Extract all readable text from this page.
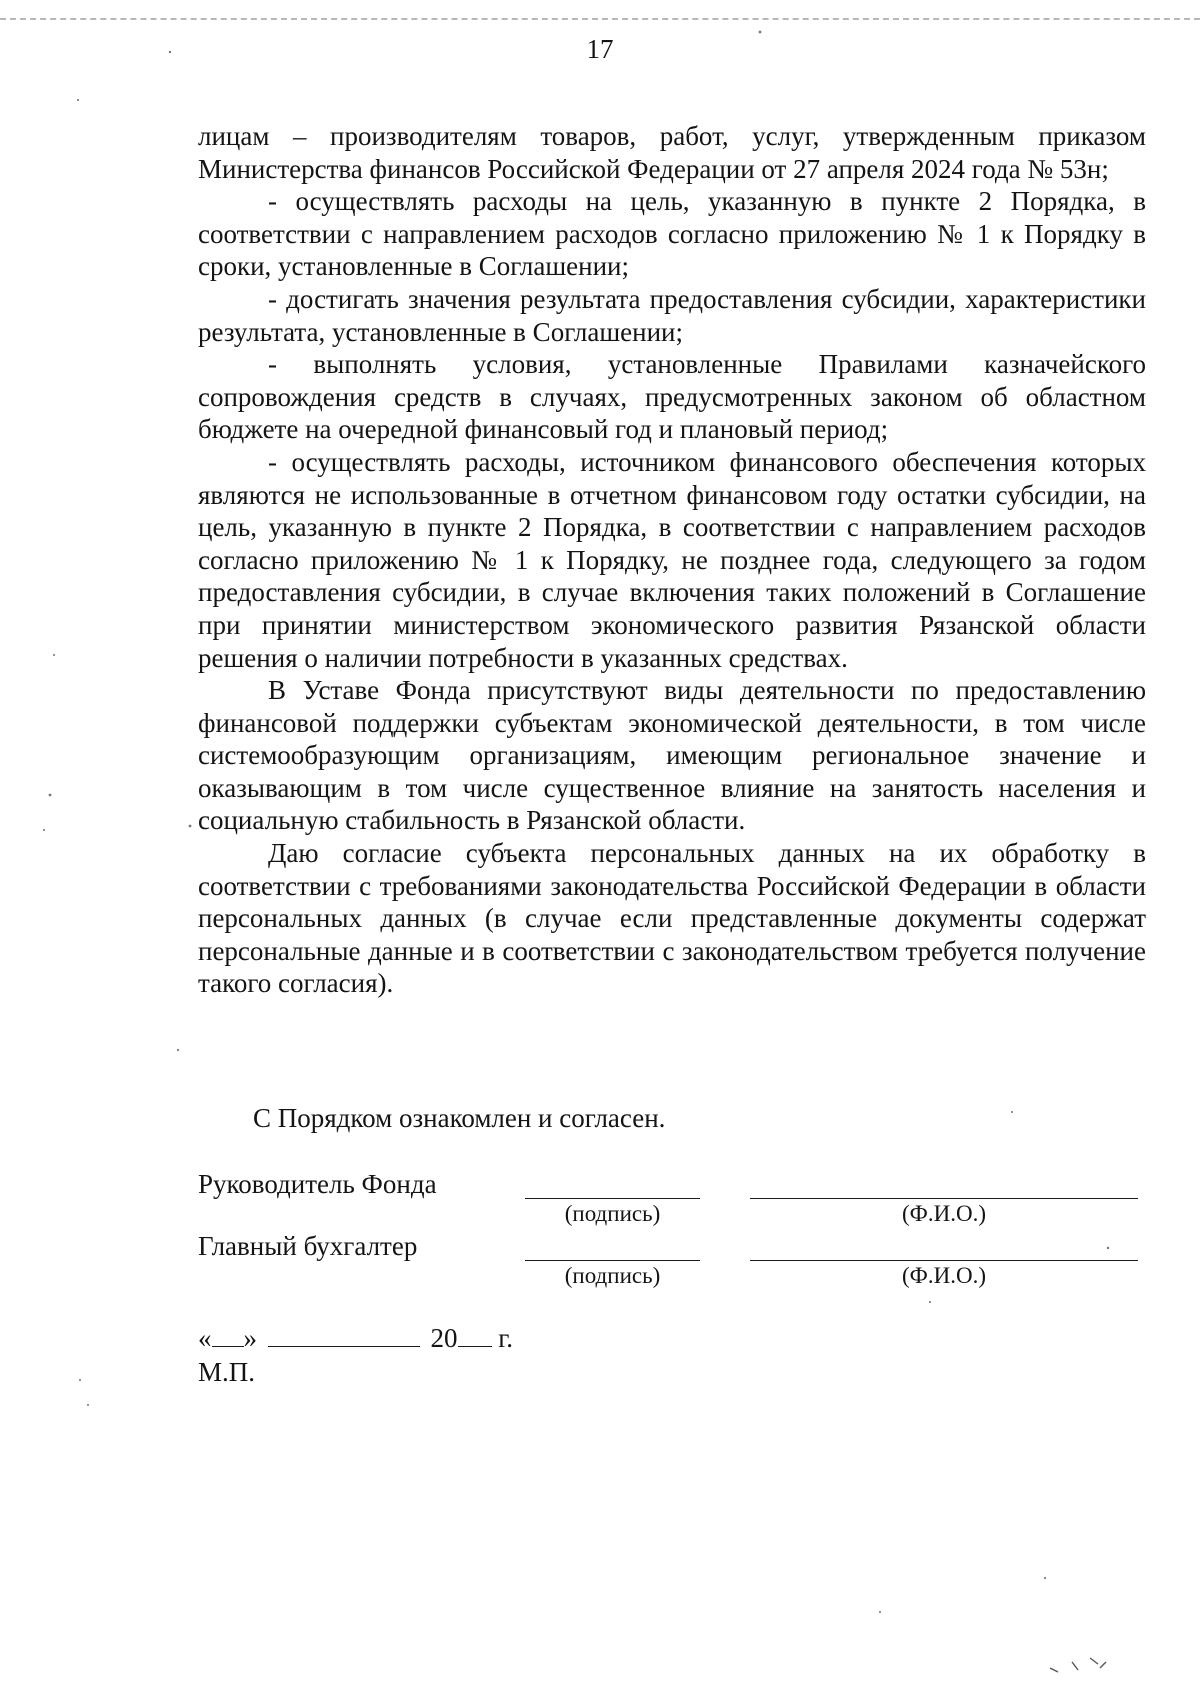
17

лицам – производителям товаров, работ, услуг, утвержденным приказом Министерства финансов Российской Федерации от 27 апреля 2024 года № 53н;

- осуществлять расходы на цель, указанную в пункте 2 Порядка, в соответствии с направлением расходов согласно приложению № 1 к Порядку в сроки, установленные в Соглашении;

- достигать значения результата предоставления субсидии, характеристики результата, установленные в Соглашении;

- выполнять условия, установленные Правилами казначейского сопровождения средств в случаях, предусмотренных законом об областном бюджете на очередной финансовый год и плановый период;

- осуществлять расходы, источником финансового обеспечения которых являются не использованные в отчетном финансовом году остатки субсидии, на цель, указанную в пункте 2 Порядка, в соответствии с направлением расходов согласно приложению № 1 к Порядку, не позднее года, следующего за годом предоставления субсидии, в случае включения таких положений в Соглашение при принятии министерством экономического развития Рязанской области решения о наличии потребности в указанных средствах.

В Уставе Фонда присутствуют виды деятельности по предоставлению финансовой поддержки субъектам экономической деятельности, в том числе системообразующим организациям, имеющим региональное значение и оказывающим в том числе существенное влияние на занятость населения и социальную стабильность в Рязанской области.

Даю согласие субъекта персональных данных на их обработку в соответствии с требованиями законодательства Российской Федерации в области персональных данных (в случае если представленные документы содержат персональные данные и в соответствии с законодательством требуется получение такого согласия).

С Порядком ознакомлен и согласен.
Руководитель Фонда
(подпись)	(Ф.И.О.)
Главный бухгалтер
(подпись)	(Ф.И.О.)
« »	20 г.
М.П.
